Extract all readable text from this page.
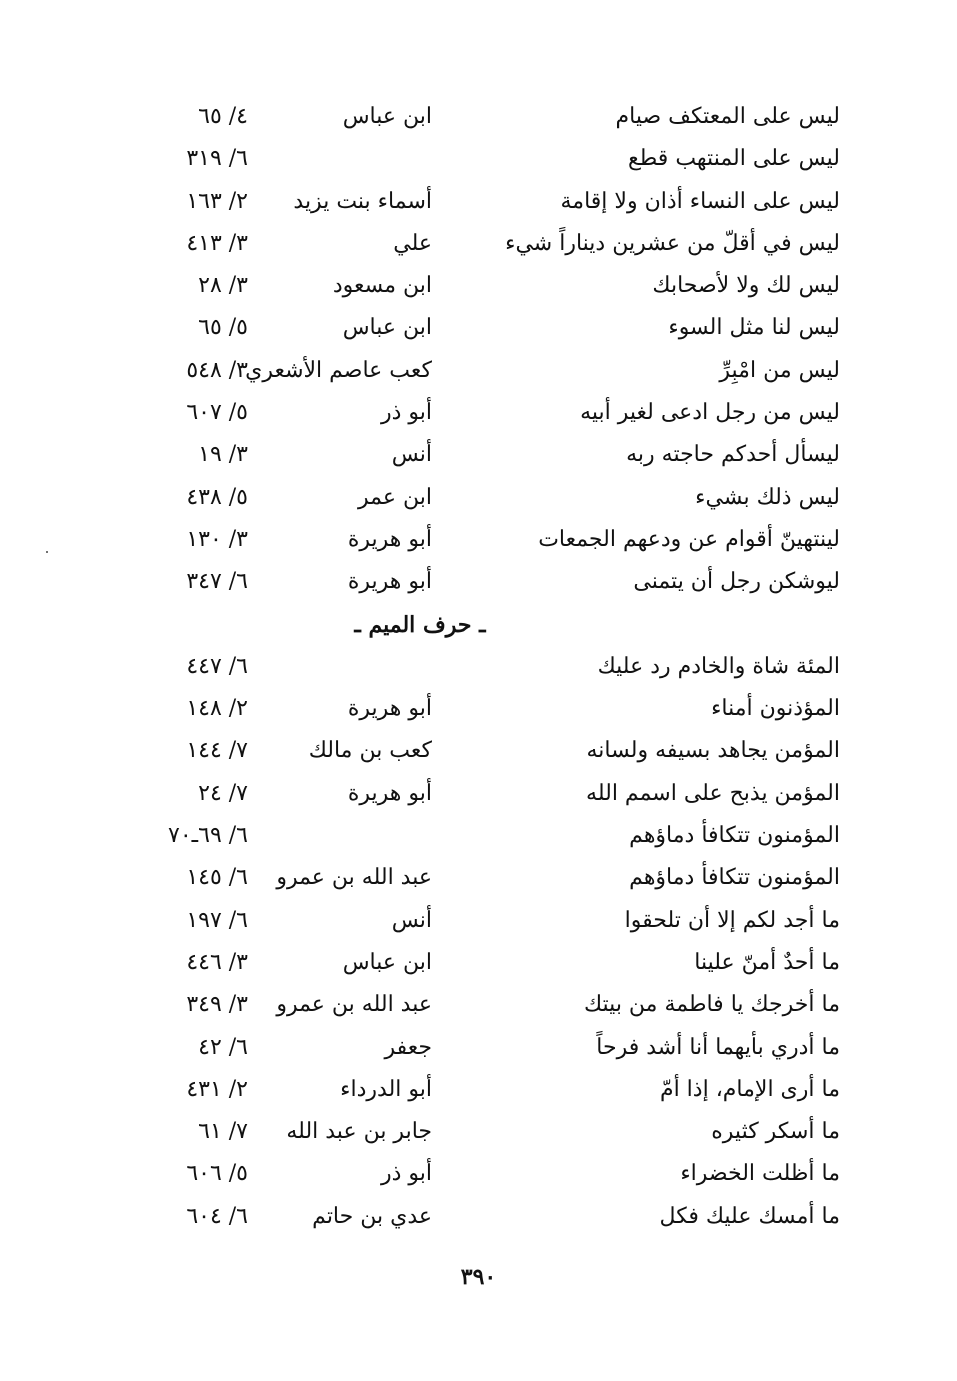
ليس على المعتكف صيام
ابن عباس
٤/ ٦٥
ليس على المنتهب قطع
٦/ ٣١٩
ليس على النساء أذان ولا إقامة
أسماء بنت يزيد
٢/ ١٦٣
ليس في أقلّ من عشرين ديناراً شيء
علي
٣/ ٤١٣
ليس لك ولا لأصحابك
ابن مسعود
٣/ ٢٨
ليس لنا مثل السوء
ابن عباس
٥/ ٦٥
ليس من امْبِرِّ
كعب عاصم الأشعري
٣/ ٥٤٨
ليس من رجل ادعى لغير أبيه
أبو ذر
٥/ ٦٠٧
ليسأل أحدكم حاجته ربه
أنس
٣/ ١٩
ليس ذلك بشيء
ابن عمر
٥/ ٤٣٨
لينتهينّ أقوام عن ودعهم الجمعات
أبو هريرة
٣/ ١٣٠
ليوشكن رجل أن يتمنى
أبو هريرة
٦/ ٣٤٧
ـ حرف الميم ـ
المئة شاة والخادم رد عليك
٦/ ٤٤٧
المؤذنون أمناء
أبو هريرة
٢/ ١٤٨
المؤمن يجاهد بسيفه ولسانه
كعب بن مالك
٧/ ١٤٤
المؤمن يذبح على اسمم الله
أبو هريرة
٧/ ٢٤
المؤمنون تتكافأ دماؤهم
٦/ ٦٩ـ٧٠
المؤمنون تتكافأ دماؤهم
عبد الله بن عمرو
٦/ ١٤٥
ما أجد لكم إلا أن تلحقوا
أنس
٦/ ١٩٧
ما أحدٌ أمنّ علينا
ابن عباس
٣/ ٤٤٦
ما أخرجك يا فاطمة من بيتك
عبد الله بن عمرو
٣/ ٣٤٩
ما أدري بأيهما أنا أشد فرحاً
جعفر
٦/ ٤٢
ما أرى الإمام، إذا أمّ
أبو الدرداء
٢/ ٤٣١
ما أسكر كثيره
جابر بن عبد الله
٧/ ٦١
ما أظلت الخضراء
أبو ذر
٥/ ٦٠٦
ما أمسك عليك فكل
عدي بن حاتم
٦/ ٦٠٤
٣٩٠
